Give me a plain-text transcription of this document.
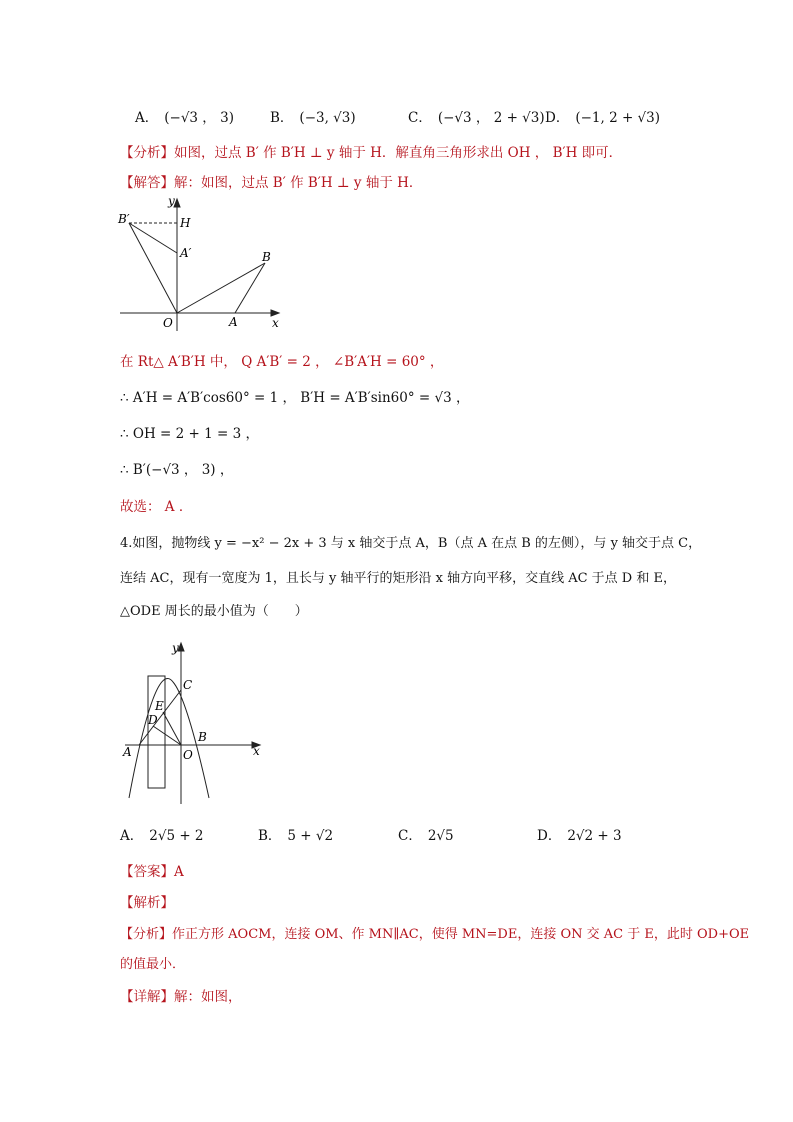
A． (−√3 ， 3)	B． (−3, √3)	C． (−√3 ， 2 + √3) D． (−1, 2 + √3)
【分析】如图，过点 B′ 作 B′H ⊥ y 轴于 H．解直角三角形求出 OH ， B′H 即可．
【解答】解：如图，过点 B′ 作 B′H ⊥ y 轴于 H．
y
x
H
B′
A′	B
O	A
在 Rt△ A′B′H 中， Q A′B′ = 2 ， ∠B′A′H = 60° ，
∴ A′H = A′B′cos60° = 1 ， B′H = A′B′sin60° = √3 ，
∴ OH = 2 + 1 = 3 ，
∴ B′(−√3 ， 3) ，
故选： A ．
4.如图，抛物线 y = −x² − 2x + 3 与 x 轴交于点 A，B（点 A 在点 B 的左侧），与 y 轴交于点 C，
连结 AC，现有一宽度为 1，且长与 y 轴平行的矩形沿 x 轴方向平移，交直线 AC 于点 D 和 E，
△ODE 周长的最小值为（　　）
y
x
C
E
D
A
B
O
A． 2√5 + 2	B． 5 + √2	C． 2√5	D． 2√2 + 3
【答案】A
【解析】
【分析】作正方形 AOCM，连接 OM、作 MN∥AC，使得 MN=DE，连接 ON 交 AC 于 E，此时 OD+OE
的值最小．
【详解】解：如图，
